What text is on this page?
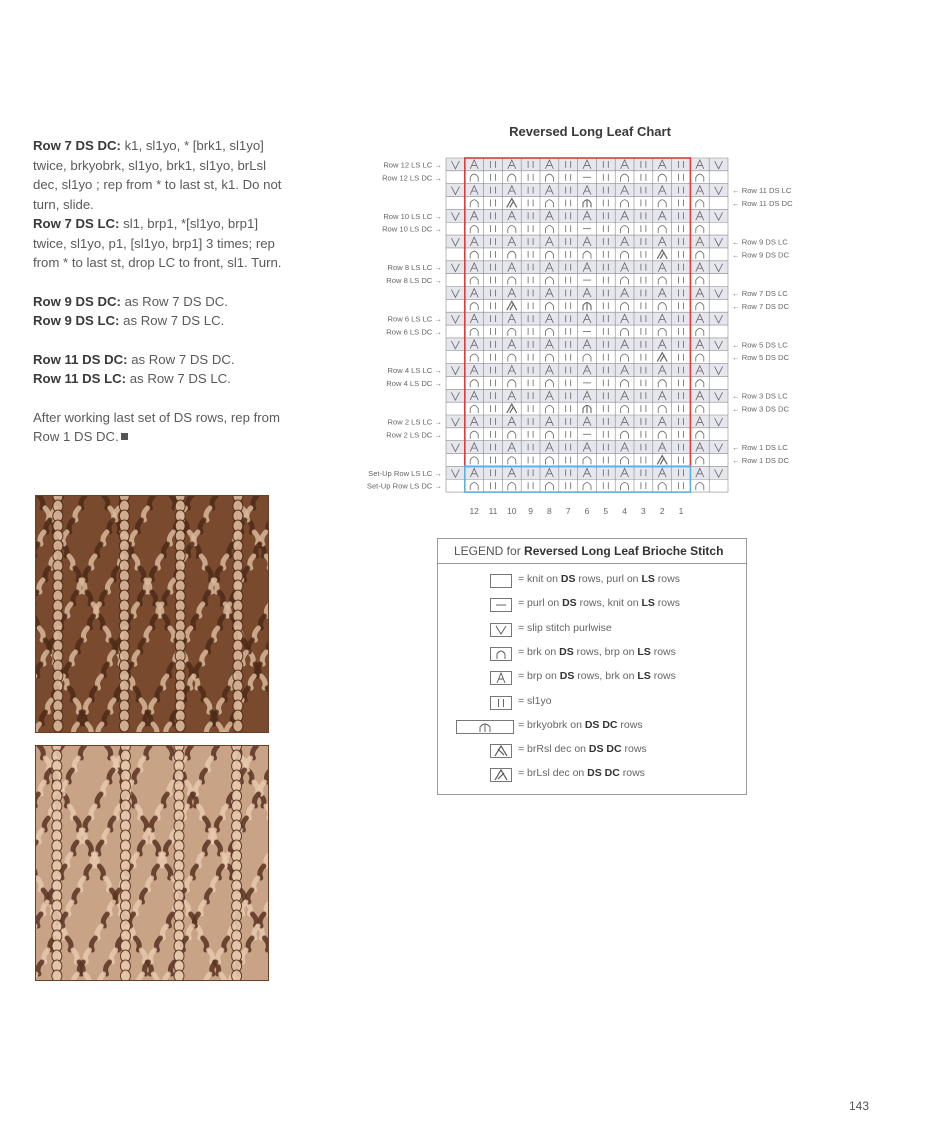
Row 7 DS DC: k1, sl1yo, * [brk1, sl1yo] twice, brkyobrk, sl1yo, brk1, sl1yo, brLsl dec, sl1yo ; rep from * to last st, k1. Do not turn, slide.
Row 7 DS LC: sl1, brp1, *[sl1yo, brp1] twice, sl1yo, p1, [sl1yo, brp1] 3 times; rep from * to last st, drop LC to front, sl1. Turn.

Row 9 DS DC: as Row 7 DS DC.
Row 9 DS LC: as Row 7 DS LC.

Row 11 DS DC: as Row 7 DS DC.
Row 11 DS LC: as Row 7 DS LC.

After working last set of DS rows, rep from Row 1 DS DC.

Reversed Long Leaf Chart
Row 12 LS LC →
Row 12 LS DC →
Row 10 LS LC →
Row 10 LS DC →
Row 8 LS LC →
Row 8 LS DC →
Row 6 LS LC →
Row 6 LS DC →
Row 4 LS LC →
Row 4 LS DC →
Row 2 LS LC →
Row 2 LS DC →
Set-Up Row LS LC →
Set-Up Row LS DC →
← Row 11 DS LC
← Row 11 DS DC
← Row 9 DS LC
← Row 9 DS DC
← Row 7 DS LC
← Row 7 DS DC
← Row 5 DS LC
← Row 5 DS DC
← Row 3 DS LC
← Row 3 DS DC
← Row 1 DS LC
← Row 1 DS DC
12 11 10 9 8 7 6 5 4 3 2 1
LEGEND for Reversed Long Leaf Brioche Stitch
= knit on DS rows, purl on LS rows
= purl on DS rows, knit on LS rows
= slip stitch purlwise
= brk on DS rows, brp on LS rows
= brp on DS rows, brk on LS rows
= sl1yo
= brkyobrk on DS DC rows
= brRsl dec on DS DC rows
= brLsl dec on DS DC rows
143
